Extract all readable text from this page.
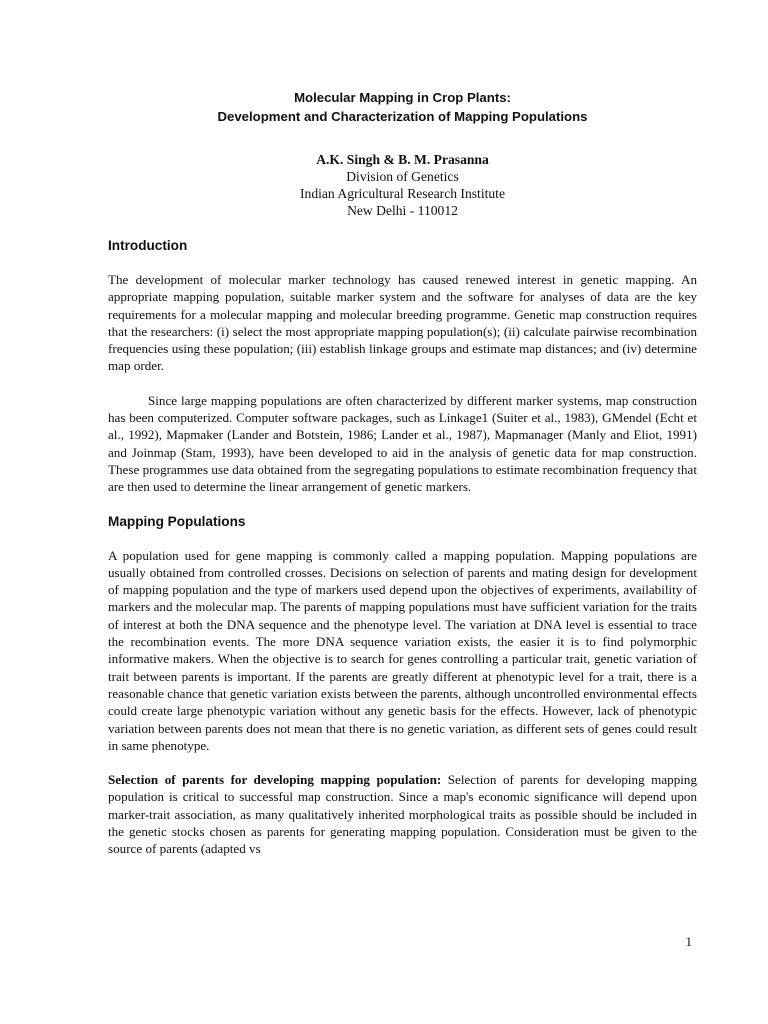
Molecular Mapping in Crop Plants:
Development and Characterization of Mapping Populations
A.K. Singh & B. M. Prasanna
Division of Genetics
Indian Agricultural Research Institute
New Delhi - 110012
Introduction

The development of molecular marker technology has caused renewed interest in genetic mapping. An appropriate mapping population, suitable marker system and the software for analyses of data are the key requirements for a molecular mapping and molecular breeding programme. Genetic map construction requires that the researchers: (i) select the most appropriate mapping population(s); (ii) calculate pairwise recombination frequencies using these population; (iii) establish linkage groups and estimate map distances; and (iv) determine map order.

Since large mapping populations are often characterized by different marker systems, map construction has been computerized. Computer software packages, such as Linkage1 (Suiter et al., 1983), GMendel (Echt et al., 1992), Mapmaker (Lander and Botstein, 1986; Lander et al., 1987), Mapmanager (Manly and Eliot, 1991) and Joinmap (Stam, 1993), have been developed to aid in the analysis of genetic data for map construction. These programmes use data obtained from the segregating populations to estimate recombination frequency that are then used to determine the linear arrangement of genetic markers.

Mapping Populations

A population used for gene mapping is commonly called a mapping population. Mapping populations are usually obtained from controlled crosses. Decisions on selection of parents and mating design for development of mapping population and the type of markers used depend upon the objectives of experiments, availability of markers and the molecular map. The parents of mapping populations must have sufficient variation for the traits of interest at both the DNA sequence and the phenotype level. The variation at DNA level is essential to trace the recombination events. The more DNA sequence variation exists, the easier it is to find polymorphic informative makers. When the objective is to search for genes controlling a particular trait, genetic variation of trait between parents is important. If the parents are greatly different at phenotypic level for a trait, there is a reasonable chance that genetic variation exists between the parents, although uncontrolled environmental effects could create large phenotypic variation without any genetic basis for the effects. However, lack of phenotypic variation between parents does not mean that there is no genetic variation, as different sets of genes could result in same phenotype.

Selection of parents for developing mapping population: Selection of parents for developing mapping population is critical to successful map construction. Since a map's economic significance will depend upon marker-trait association, as many qualitatively inherited morphological traits as possible should be included in the genetic stocks chosen as parents for generating mapping population. Consideration must be given to the source of parents (adapted vs

1
